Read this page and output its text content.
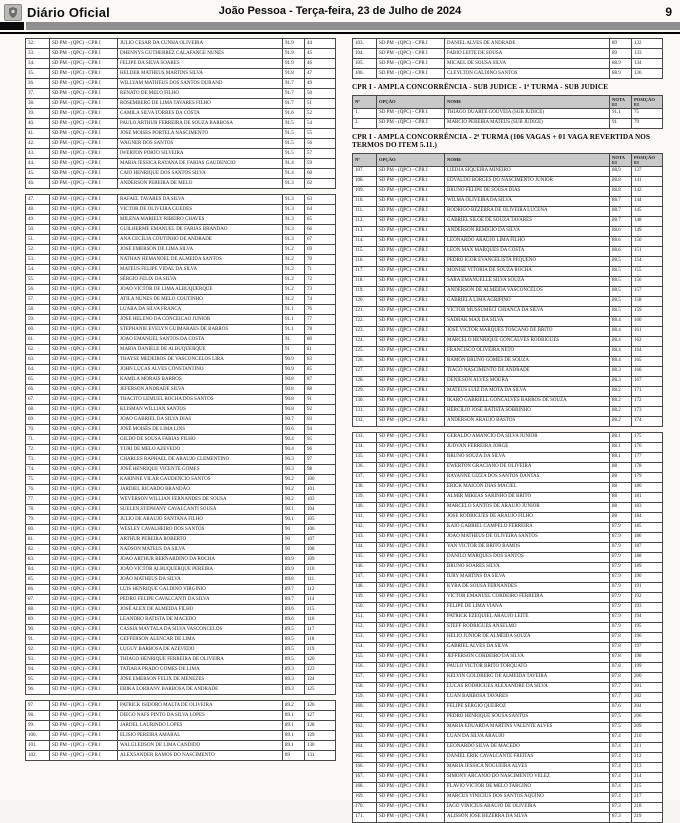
Diário Oficial	João Pessoa - Terça-feira, 23 de Julho de 2024	9
32.	SD PM - (QPC) - CPR I	JULIO CESAR DA CUNHA OLIVEIRA	91.9	44
33.	SD PM - (QPC) - CPR I	DHENNYS GUTHERREZ CALAFANGE NUNES	91.9	45
34.	SD PM - (QPC) - CPR I	FELIPE DA SILVA SOARES	91.9	46
35.	SD PM - (QPC) - CPR I	HELDER MATHEUS MARTINS SILVA	91.8	47
36.	SD PM - (QPC) - CPR I	WILLYAM MATHEUS DOS SANTOS DURAND	91.7	49
37.	SD PM - (QPC) - CPR I	RENATO DE MELO FILHO	91.7	50
38.	SD PM - (QPC) - CPR I	ROSEMBERG DE LIMA TAVARES FILHO	91.7	51
39.	SD PM - (QPC) - CPR I	CAMILA SILVA TORRES DA COSTA	91.6	52
40.	SD PM - (QPC) - CPR I	PAULO ARTHUR FERREIRA DE SOUZA BARBOSA	91.5	54
41.	SD PM - (QPC) - CPR I	JOSE MOISES PORTELA NASCIMENTO	91.5	55
42.	SD PM - (QPC) - CPR I	WAGNER DOS SANTOS	91.5	56
43.	SD PM - (QPC) - CPR I	IWERTON PORTO SILVEIRA	91.5	57
44.	SD PM - (QPC) - CPR I	MARIA JESSICA RAYANA DE FARIAS GAUDENCIO	91.4	59
45.	SD PM - (QPC) - CPR I	CAIO HENRIQUE DOS SANTOS SILVA	91.4	60
46.	SD PM - (QPC) - CPR I	ANDERSON PEREIRA DE MELO	91.3	62
47.	SD PM - (QPC) - CPR I	RAFAEL TAVARES DA SILVA	91.3	63
48.	SD PM - (QPC) - CPR I	VICTOR DE OLIVEIRA GUEDES	91.3	64
49.	SD PM - (QPC) - CPR I	MILENA MARIELY RIBEIRO CHAVES	91.3	65
50.	SD PM - (QPC) - CPR I	GUILHERME EMANUEL DE FARIAS BRANDAO	91.3	66
51.	SD PM - (QPC) - CPR I	ANA CECÍLIA COUTINHO DE ANDRADE	91.3	67
52.	SD PM - (QPC) - CPR I	JOSE EMERSON DE LIMA SILVA	91.2	69
53.	SD PM - (QPC) - CPR I	NATHAN HEMANOEL DE ALMEIDA SANTOS	91.2	70
54.	SD PM - (QPC) - CPR I	MATEUS FELIPE VIDAL DA SILVA	91.2	71
55.	SD PM - (QPC) - CPR I	SÉRGIO FELIX DA SILVA	91.2	72
56.	SD PM - (QPC) - CPR I	JOAO VICTOR DE LIMA ALBUQUERQUE	91.2	73
57.	SD PM - (QPC) - CPR I	ATILA NUNES DE MELO COUTINHO	91.2	74
58.	SD PM - (QPC) - CPR I	LUARA DA SILVA FRANCA	91.1	76
59.	SD PM - (QPC) - CPR I	JOSE HELENO DA CONCEICAO JUNIOR	91.1	77
60.	SD PM - (QPC) - CPR I	STEPHANIE EVELYN GUIMARAES DE BARROS	91.1	78
61.	SD PM - (QPC) - CPR I	JOAO EMANUEL SANTOS DA COSTA	91	80
62.	SD PM - (QPC) - CPR I	MARIA DANIELE DE ALBUQUERQUE	91	81
63.	SD PM - (QPC) - CPR I	THAYSE MEDEIROS DE VASCONCELOS LIRA	90.9	83
64.	SD PM - (QPC) - CPR I	JOHN LUCAS ALVES CONSTANTINO	90.9	85
65.	SD PM - (QPC) - CPR I	KAMILA MORAIS BARROS	90.8	87
66.	SD PM - (QPC) - CPR I	JEFERSON ANDRADE SILVA	90.8	88
67.	SD PM - (QPC) - CPR I	THACITO LEMUEL ROCHA DOS SANTOS	90.8	91
68.	SD PM - (QPC) - CPR I	KLISMAN WILLIAN SANTOS	90.8	92
69.	SD PM - (QPC) - CPR I	JOAO GABRIEL DA SILVA DIAS	90.7	93
70.	SD PM - (QPC) - CPR I	JOSÉ MOISÉS DE LIMA LINS	90.6	94
71.	SD PM - (QPC) - CPR I	GILDO DE SOUSA FARIAS FILHO	90.4	95
72.	SD PM - (QPC) - CPR I	YURI DE MELO AZEVEDO	90.4	96
73.	SD PM - (QPC) - CPR I	CHARLES RAPHAEL DE ARAUJO CLEMENTINO	90.3	97
74.	SD PM - (QPC) - CPR I	JOSÉ HENRIQUE VICENTE GOMES	90.3	98
75.	SD PM - (QPC) - CPR I	KARINNE VILAR GAUDENCIO SANTOS	90.2	100
76.	SD PM - (QPC) - CPR I	JARDIEL RICARDO BRANDÃO	90.2	101
77.	SD PM - (QPC) - CPR I	WEVERSON WILLIAN FERNANDES DE SOUSA	90.2	103
78.	SD PM - (QPC) - CPR I	SUELEN STEPHANY CAVALCANTI SOUSA	90.1	104
79.	SD PM - (QPC) - CPR I	JULIO DE ARAUJO SANTANA FILHO	90.1	105
80.	SD PM - (QPC) - CPR I	WESLEY CAVALHEIRO DOS SANTOS	90	106
81.	SD PM - (QPC) - CPR I	ARTHUR PEREIRA ROBERTO	90	107
82.	SD PM - (QPC) - CPR I	NADSON MATEUS DA SILVA	90	108
83.	SD PM - (QPC) - CPR I	JOAO ARTHUR BERNARDINO DA ROCHA	89.9	109
84.	SD PM - (QPC) - CPR I	JOÃO VICTOR ALBUQUERQUE PEREIRA	89.9	110
85.	SD PM - (QPC) - CPR I	JOÃO MATHEUS DA SILVA	89.8	111
86.	SD PM - (QPC) - CPR I	LUIS HENRIQUE GALDINO VIRGINIO	89.7	112
87.	SD PM - (QPC) - CPR I	PEDRO FELIPE CAVALCANTI DA SILVA	89.7	114
88.	SD PM - (QPC) - CPR I	JOSÉ ALEX DE ALMEIDA FILHO	89.6	115
89.	SD PM - (QPC) - CPR I	LEANDRO BATISTA DE MACEDO	89.6	116
90.	SD PM - (QPC) - CPR I	CASSIA MAYTALA DA SILVA VASCONCELOS	89.5	117
91.	SD PM - (QPC) - CPR I	GEFFERSON ALENCAR DE LIMA	89.5	118
92.	SD PM - (QPC) - CPR I	LUGUY BARBOSA DE AZEVEDO	89.5	119
93.	SD PM - (QPC) - CPR I	THIAGO HENRIQUE FERREIRA DE OLIVEIRA	89.5	120
94.	SD PM - (QPC) - CPR I	TATIARA PRADO GOMES DE LIMA	89.3	123
95.	SD PM - (QPC) - CPR I	JOSE EMERSON FELIX DE MENEZES	89.3	124
96.	SD PM - (QPC) - CPR I	ERIKA LORRANY BARBOSA DE ANDRADE	89.3	125
97.	SD PM - (QPC) - CPR I	PATRICK ISIDORO MALTA DE OLIVEIRA	89.2	126
98.	SD PM - (QPC) - CPR I	DIEGO NAFS PINTO DA SILVA LOPES	89.1	127
99.	SD PM - (QPC) - CPR I	JARDEL LAURINDO LOPES	89.1	128
100.	SD PM - (QPC) - CPR I	ELISIO PEREIRA AMARAL	89.1	129
101.	SD PM - (QPC) - CPR I	WALGLEDSON DE LIMA CANDIDO	89.1	130
102.	SD PM - (QPC) - CPR I	ALEXSANDER RAMOS DO NASCIMENTO	89	131
103.	SD PM - (QPC) - CPR I	DANIEL ALVES DE ANDRADE	89	132
104.	SD PM - (QPC) - CPR I	FABIO LEITE DE SOUSA	89	133
105.	SD PM - (QPC) - CPR I	MICAEL DE SOUSA SILVA	88.9	134
106.	SD PM - (QPC) - CPR I	CLEYLTON GALDINO SANTOS	88.9	136
CPR I - AMPLA CONCORRÊNCIA - SUB JUDICE - 1ª TURMA - SUB JUDICE
Nº	OPÇÃO	NOME	NOTA EI	POSIÇÃO EI
1.	SD PM - (QPC) - CPR I	THIAGO DUARTE GOUVEIA (SUB JUDICE)	91.1	75
2.	SD PM - (QPC) - CPR I	MARCIO PEREIRA MATEUS (SUB JUDICE)	91	79
CPR I - AMPLA CONCORRÊNCIA - 2ª TURMA (106 VAGAS + 01 VAGA REVERTIDA NOS TERMOS DO ITEM 5.11.)
Nº	OPÇÃO	NOME	NOTA EI	POSIÇÃO EI
107.	SD PM - (QPC) - CPR I	LIEDJA SIQUEIRA MINEIRO	88.9	137
108.	SD PM - (QPC) - CPR I	EDVALDO BORGES DO NASCIMENTO JUNIOR	88.8	141
109.	SD PM - (QPC) - CPR I	BRUNO FELIPE DE SOUSA DIAS	88.8	142
110.	SD PM - (QPC) - CPR I	WILMA OLIVEIRA DA SILVA	88.7	144
111.	SD PM - (QPC) - CPR I	RODRIGO BEZERRA DE OLIVEIRA LUCENA	88.7	145
112.	SD PM - (QPC) - CPR I	GABRIEL SILOE DE SOUZA TAVARES	88.7	148
113.	SD PM - (QPC) - CPR I	ANDERSON REMIGIO DA SILVA	88.6	149
114.	SD PM - (QPC) - CPR I	LEONARDO ARAÚJO LIMA FILHO	88.6	150
115.	SD PM - (QPC) - CPR I	LEON MAX MARQUES DA COSTA	88.6	151
116.	SD PM - (QPC) - CPR I	PEDRO IGOR EVANGELISTA PEQUENO	88.5	154
117.	SD PM - (QPC) - CPR I	MONISE VITÓRIA DE SOUZA ROCHA	88.5	155
118.	SD PM - (QPC) - CPR I	SARA EMANUELLE SILVA SOUZA	88.5	156
119.	SD PM - (QPC) - CPR I	ANDERSON DE ALMEIDA VASCONCELOS	88.5	157
120.	SD PM - (QPC) - CPR I	GABRIELA LIMA AGRIPINO	88.5	158
121.	SD PM - (QPC) - CPR I	VICTOR MUSSUMECI CHIANCA DA SILVA	88.5	159
122.	SD PM - (QPC) - CPR I	SADRAK MAX DA SILVA	88.4	160
123.	SD PM - (QPC) - CPR I	JOSÉ VICTOR MARQUES TOSCANO DE BRITO	88.4	161
124.	SD PM - (QPC) - CPR I	MARCELO HENRIQUE GONCALVES RODRIGUES	88.4	162
125.	SD PM - (QPC) - CPR I	FRANCISCO OLIVEIRA NETO	88.4	164
126.	SD PM - (QPC) - CPR I	RAMON BRUNO GOMES DE SOUZA	88.4	165
127.	SD PM - (QPC) - CPR I	TIAGO NASCIMENTO DE ANDRADE	88.3	166
128.	SD PM - (QPC) - CPR I	DENILSON ALVES MOURA	88.3	167
129.	SD PM - (QPC) - CPR I	MATEUS LUIZ DA MOTA DA SILVA	88.2	171
130.	SD PM - (QPC) - CPR I	IKARO GABRIELL GONCALVES BARROS DE SOUZA	88.2	172
131.	SD PM - (QPC) - CPR I	HERCILIO JOSE BATISTA SOBRINHO	88.2	173
132.	SD PM - (QPC) - CPR I	ANDERSON ARAÚJO BASTOS	88.2	174
133.	SD PM - (QPC) - CPR I	GERALDO AMANCIO DA SILVA JUNIOR	88.1	175
134.	SD PM - (QPC) - CPR I	JUDVAN FERREIRA JORGE	88.1	176
135.	SD PM - (QPC) - CPR I	BRUNO SOUZA DA SILVA	88.1	177
136.	SD PM - (QPC) - CPR I	EWERTON GRACIANO DE OLIVEIRA	88	178
137.	SD PM - (QPC) - CPR I	RAYANNE GIZZA DOS SANTOS DANTAS	88	179
138.	SD PM - (QPC) - CPR I	ERICK MAICON DIAS MACIEL	88	180
139.	SD PM - (QPC) - CPR I	ALMIR MIKEAS SARINHO DE BRITO	88	181
140.	SD PM - (QPC) - CPR I	MARCELO SANTOS DE ARAUJO JUNIOR	88	183
141.	SD PM - (QPC) - CPR I	JOSE RODRIGUES DE ARAUJO FILHO	88	184
142.	SD PM - (QPC) - CPR I	KAIO GABRIEL CAMPELO FERREIRA	87.9	185
143.	SD PM - (QPC) - CPR I	JOAO MATHEUS DE OLIVEIRA SANTOS	87.9	186
144.	SD PM - (QPC) - CPR I	YAN VICTOR DE BRITO RAMOS	87.9	187
145.	SD PM - (QPC) - CPR I	DANILO MARQUES DOS SANTOS	87.9	188
146.	SD PM - (QPC) - CPR I	BRUNO SOARES SILVA	87.9	189
147.	SD PM - (QPC) - CPR I	IURY MARTINS DA SILVA	87.9	190
148.	SD PM - (QPC) - CPR I	KYRA DE SOUSA FERNANDES	87.9	191
149.	SD PM - (QPC) - CPR I	VICTOR EMANUEL CORDEIRO FERREIRA	87.9	192
150.	SD PM - (QPC) - CPR I	FELIPE DE LIMA VIANA	87.9	193
151.	SD PM - (QPC) - CPR I	PATRICK EZEQUIEL ARAUJO LEITE	87.9	194
152.	SD PM - (QPC) - CPR I	STEFF RODRIGUES ANSELMO	87.9	195
153.	SD PM - (QPC) - CPR I	HELIO JUNIOR DE ALMEIDA SOUZA	87.8	196
154.	SD PM - (QPC) - CPR I	GABRIEL ALVES DA SILVA	87.8	197
155.	SD PM - (QPC) - CPR I	JEFFERSON CORDEIRO DA SILVA	87.8	198
156.	SD PM - (QPC) - CPR I	PAULO VICTOR BRITO TORQUATO	87.8	199
157.	SD PM - (QPC) - CPR I	KELVIN GOLDBERG DE ALMEIDA TAVEIRA	87.8	200
158.	SD PM - (QPC) - CPR I	LUCAS RODRIGUES ALEXANDRE DA SILVA	87.7	201
159.	SD PM - (QPC) - CPR I	LUAN BARBOSA TAVARES	87.7	202
160.	SD PM - (QPC) - CPR I	FELIPE SERGIO QUEIROZ	87.6	204
161.	SD PM - (QPC) - CPR I	PEDRO HENRIQUE SOUSA SANTOS	87.5	206
162.	SD PM - (QPC) - CPR I	MARIA EDUARDA MARTINS VALENTE ALVES	87.5	209
163.	SD PM - (QPC) - CPR I	LUAN DA SILVA ARAUJO	87.4	210
164.	SD PM - (QPC) - CPR I	LEONARDO SILVA DE MACEDO	87.4	211
165.	SD PM - (QPC) - CPR I	DANIEL ERIK CAVALCANTE FREITAS	87.4	212
166.	SD PM - (QPC) - CPR I	MARIA JESSICA NOGUEIRA ALVES	87.4	213
167.	SD PM - (QPC) - CPR I	SIMONY ARCANJO DO NASCIMENTO VELEZ	87.4	214
168.	SD PM - (QPC) - CPR I	FLAVIO VICTOR DE MELO TARGINO	87.4	215
169.	SD PM - (QPC) - CPR I	MARCUS VINÍCIUS DOS SANTOS AQUINO	87.4	217
170.	SD PM - (QPC) - CPR I	IAGO VINICIUS ARAUJO DE OLIVEIRA	87.3	218
171.	SD PM - (QPC) - CPR I	ALISSON JOSE BEZERRA DA SILVA	87.3	219
